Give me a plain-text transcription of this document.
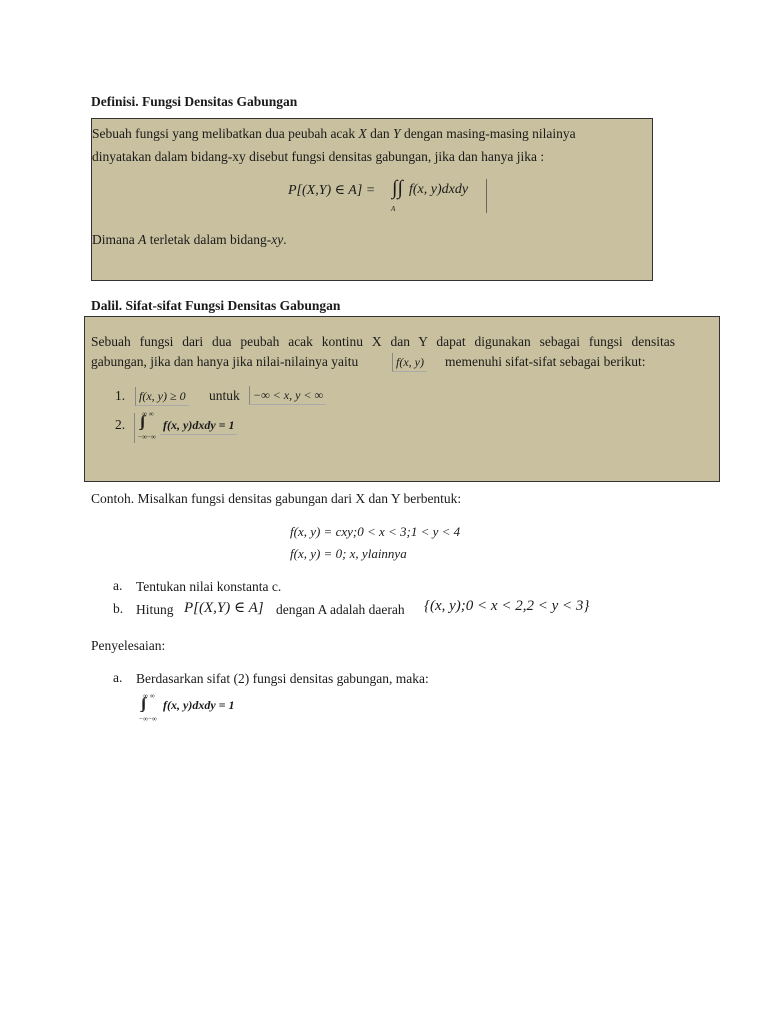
Definisi. Fungsi Densitas Gabungan
Sebuah fungsi yang melibatkan dua peubah acak X dan Y dengan masing-masing nilainya
dinyatakan dalam bidang-xy disebut fungsi densitas gabungan, jika dan hanya jika :
P[(X,Y) ∈ A] = ∫∫
A
f(x, y)dxdy
Dimana A terletak dalam bidang-xy.
Dalil. Sifat-sifat Fungsi Densitas Gabungan
Sebuah fungsi dari dua peubah acak kontinu X dan Y dapat digunakan sebagai fungsi densitas
gabungan, jika dan hanya jika nilai-nilainya yaitu	f(x, y) memenuhi sifat-sifat sebagai berikut:
1.	f(x, y) ≥ 0 untuk	−∞ < x, y < ∞
2.
∞ ∞
∫∫
−∞−∞
f(x, y)dxdy = 1
Contoh. Misalkan fungsi densitas gabungan dari X dan Y berbentuk:
f(x, y) = cxy;0 < x < 3;1 < y < 4
f(x, y) = 0; x, ylainnya
a. Tentukan nilai konstanta c.
b. Hitung P[(X,Y) ∈ A] dengan A adalah daerah {(x, y);0 < x < 2,2 < y < 3}
Penyelesaian:
a. Berdasarkan sifat (2) fungsi densitas gabungan, maka:
∞ ∞
∫∫
−∞−∞
f(x, y)dxdy = 1
